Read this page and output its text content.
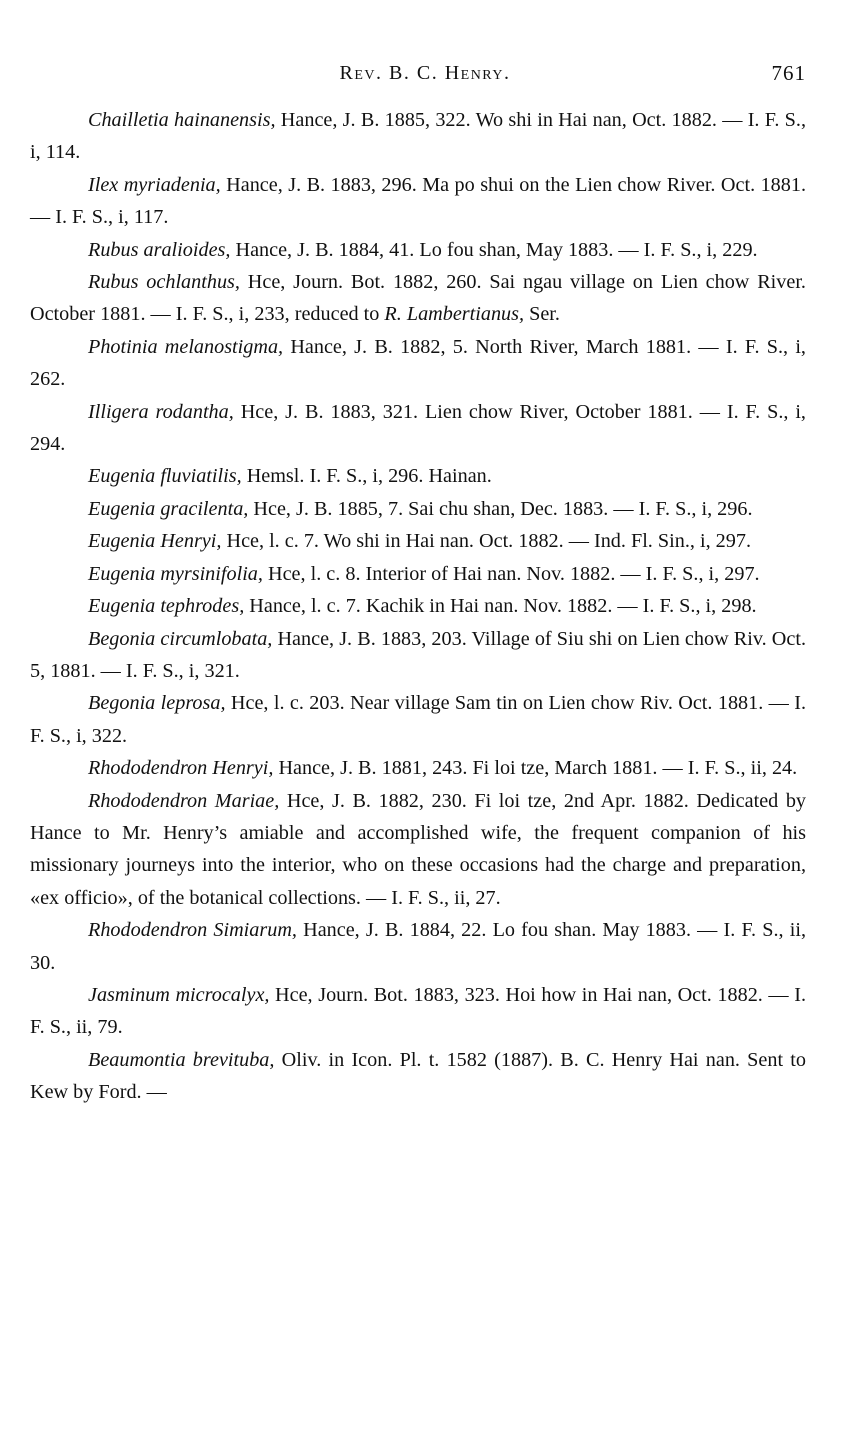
Rev. B. C. Henry.	761

Chailletia hainanensis, Hance, J. B. 1885, 322. Wo shi in Hai nan, Oct. 1882. — I. F. S., i, 114.

Ilex myriadenia, Hance, J. B. 1883, 296. Ma po shui on the Lien chow River. Oct. 1881. — I. F. S., i, 117.

Rubus aralioides, Hance, J. B. 1884, 41. Lo fou shan, May 1883. — I. F. S., i, 229.

Rubus ochlanthus, Hce, Journ. Bot. 1882, 260. Sai ngau village on Lien chow River. October 1881. — I. F. S., i, 233, reduced to R. Lambertianus, Ser.

Photinia melanostigma, Hance, J. B. 1882, 5. North River, March 1881. — I. F. S., i, 262.

Illigera rodantha, Hce, J. B. 1883, 321. Lien chow River, October 1881. — I. F. S., i, 294.

Eugenia fluviatilis, Hemsl. I. F. S., i, 296. Hainan.

Eugenia gracilenta, Hce, J. B. 1885, 7. Sai chu shan, Dec. 1883. — I. F. S., i, 296.

Eugenia Henryi, Hce, l. c. 7. Wo shi in Hai nan. Oct. 1882. — Ind. Fl. Sin., i, 297.

Eugenia myrsinifolia, Hce, l. c. 8. Interior of Hai nan. Nov. 1882. — I. F. S., i, 297.

Eugenia tephrodes, Hance, l. c. 7. Kachik in Hai nan. Nov. 1882. — I. F. S., i, 298.

Begonia circumlobata, Hance, J. B. 1883, 203. Village of Siu shi on Lien chow Riv. Oct. 5, 1881. — I. F. S., i, 321.

Begonia leprosa, Hce, l. c. 203. Near village Sam tin on Lien chow Riv. Oct. 1881. — I. F. S., i, 322.

Rhododendron Henryi, Hance, J. B. 1881, 243. Fi loi tze, March 1881. — I. F. S., ii, 24.

Rhododendron Mariae, Hce, J. B. 1882, 230. Fi loi tze, 2nd Apr. 1882. Dedicated by Hance to Mr. Henry’s amiable and accomplished wife, the frequent companion of his missionary journeys into the interior, who on these occasions had the charge and preparation, «ex officio», of the botanical collections. — I. F. S., ii, 27.

Rhododendron Simiarum, Hance, J. B. 1884, 22. Lo fou shan. May 1883. — I. F. S., ii, 30.

Jasminum microcalyx, Hce, Journ. Bot. 1883, 323. Hoi how in Hai nan, Oct. 1882. — I. F. S., ii, 79.

Beaumontia brevituba, Oliv. in Icon. Pl. t. 1582 (1887). B. C. Henry Hai nan. Sent to Kew by Ford. —
